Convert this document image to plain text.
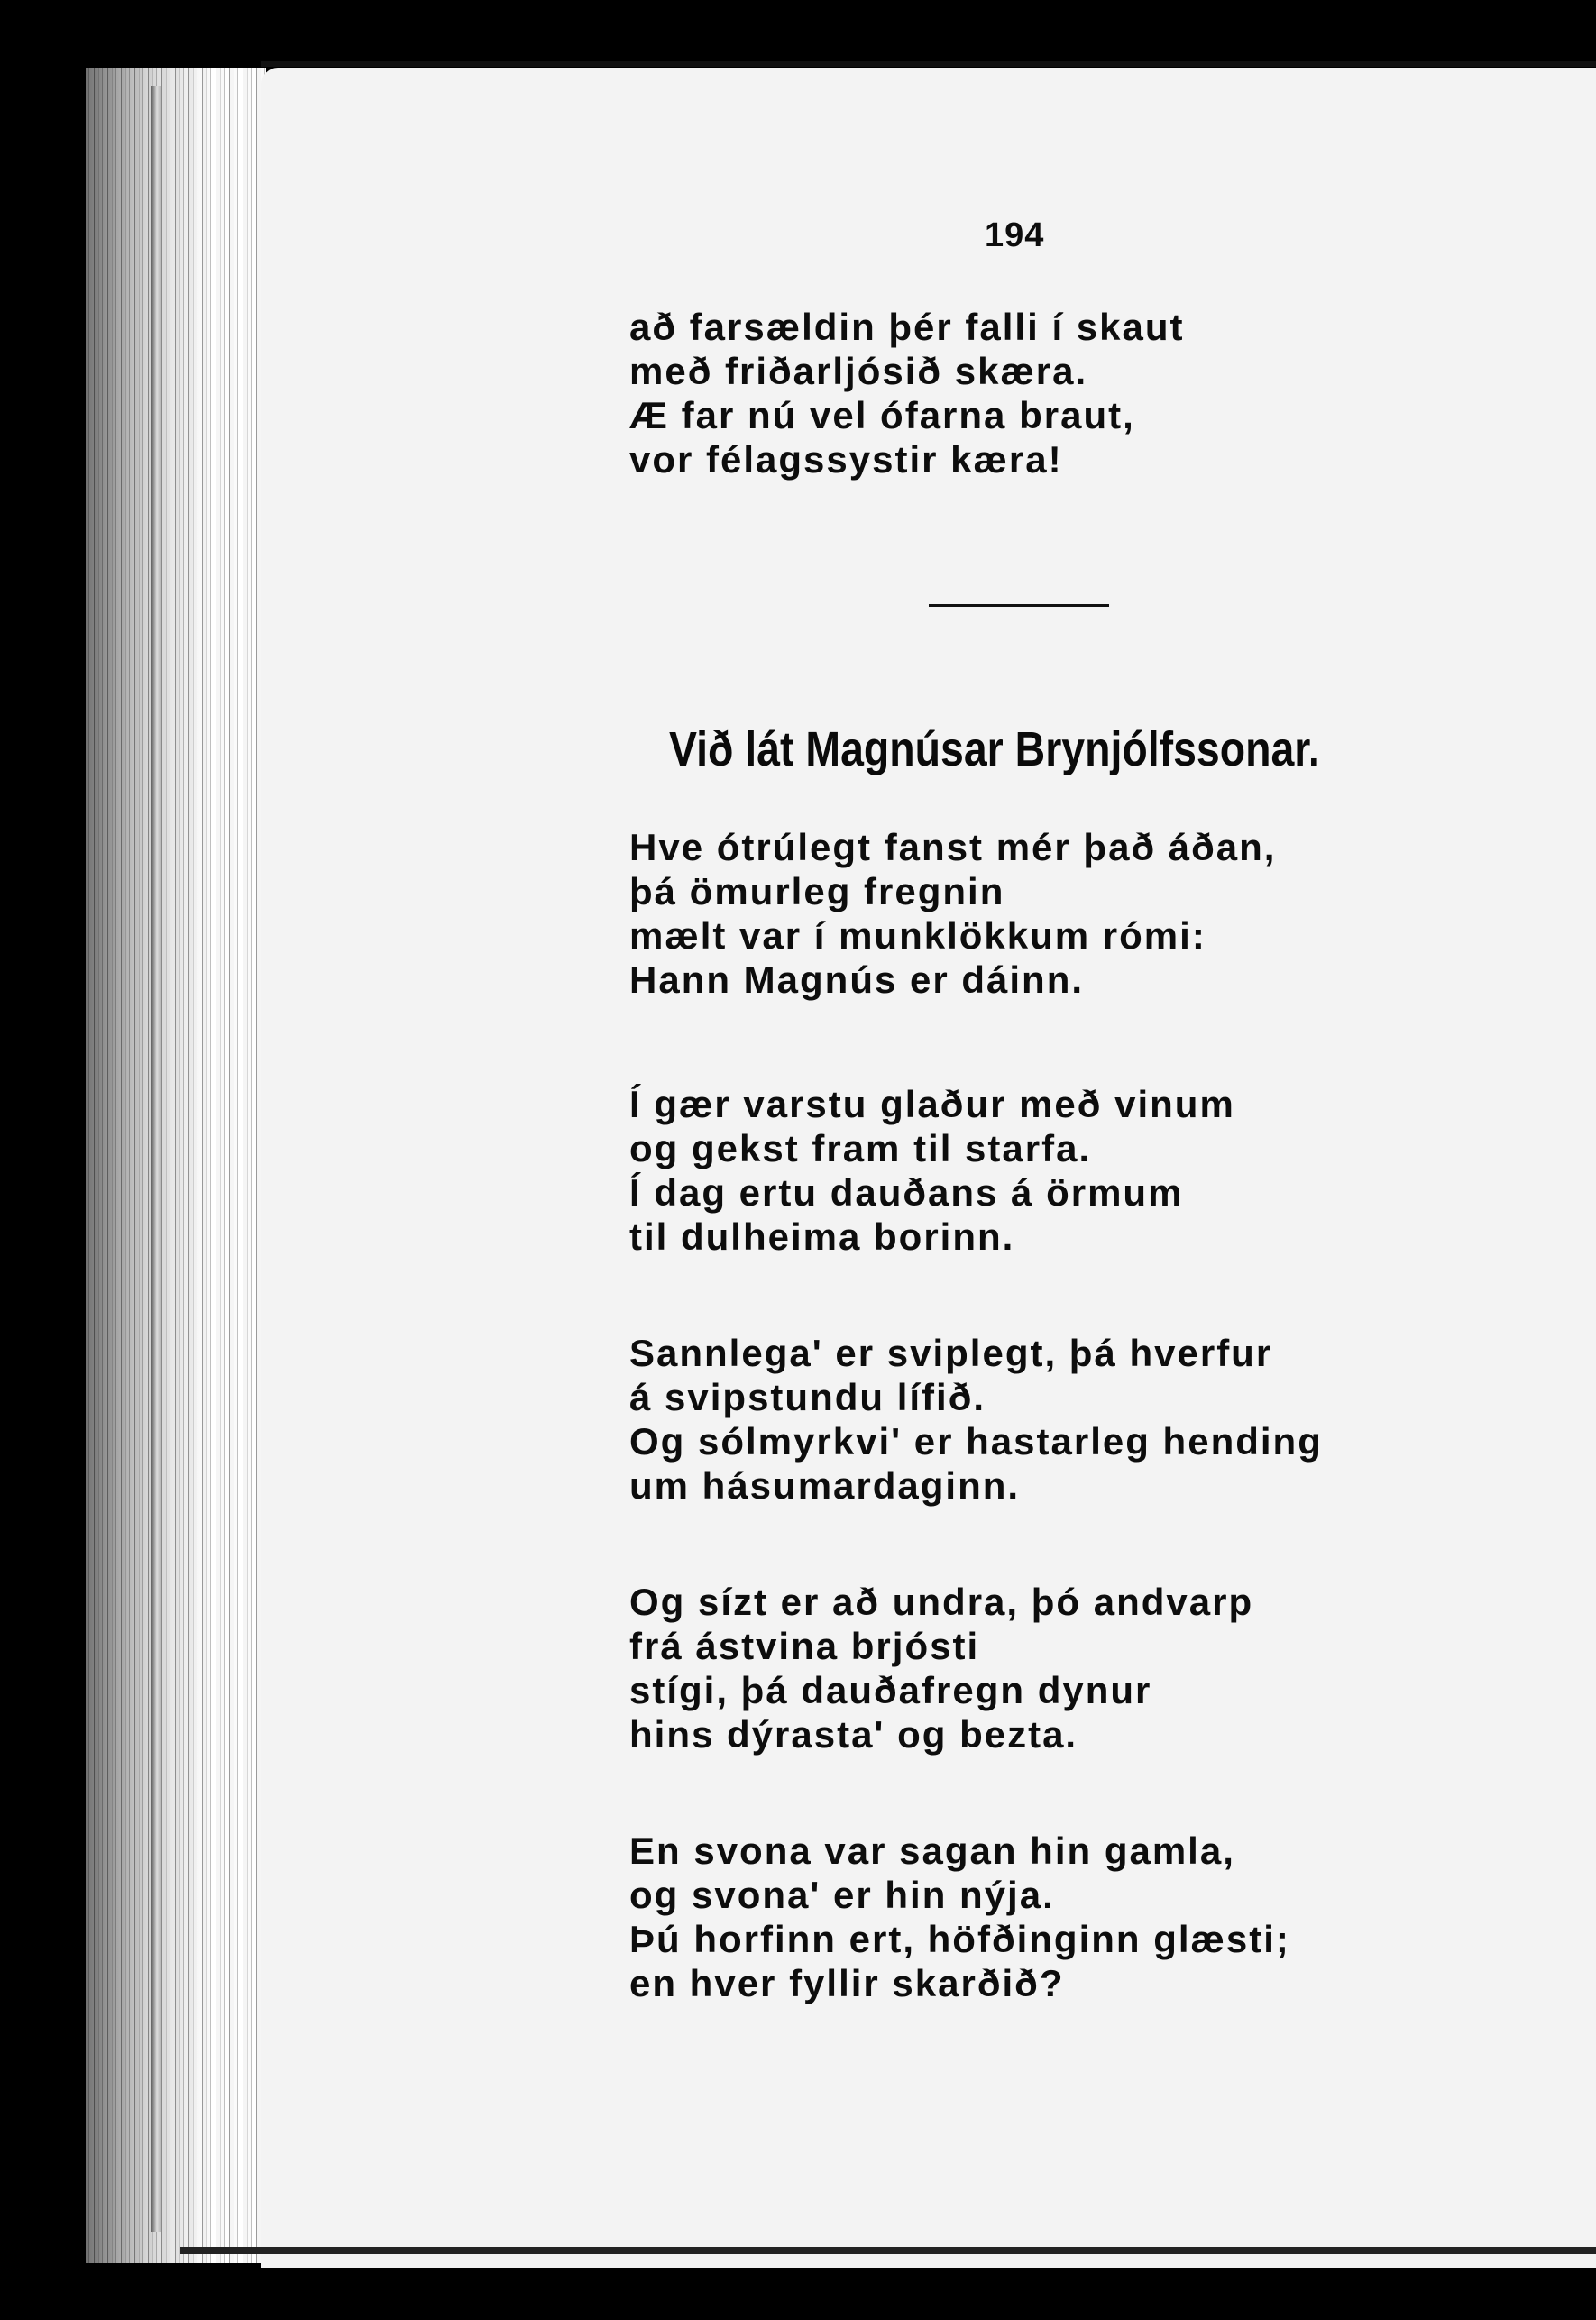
194
að farsældin þér falli í skaut
með friðarljósið skæra.
Æ far nú vel ófarna braut,
vor félagssystir kæra!
Við lát Magnúsar Brynjólfssonar.
Hve ótrúlegt fanst mér það áðan,
þá ömurleg fregnin
mælt var í munklökkum rómi:
Hann Magnús er dáinn.
Í gær varstu glaður með vinum
og gekst fram til starfa.
Í dag ertu dauðans á örmum
til dulheima borinn.
Sannlega' er sviplegt, þá hverfur
á svipstundu lífið.
Og sólmyrkvi' er hastarleg hending
um hásumardaginn.
Og sízt er að undra, þó andvarp
frá ástvina brjósti
stígi, þá dauðafregn dynur
hins dýrasta' og bezta.
En svona var sagan hin gamla,
og svona' er hin nýja.
Þú horfinn ert, höfðinginn glæsti;
en hver fyllir skarðið?
